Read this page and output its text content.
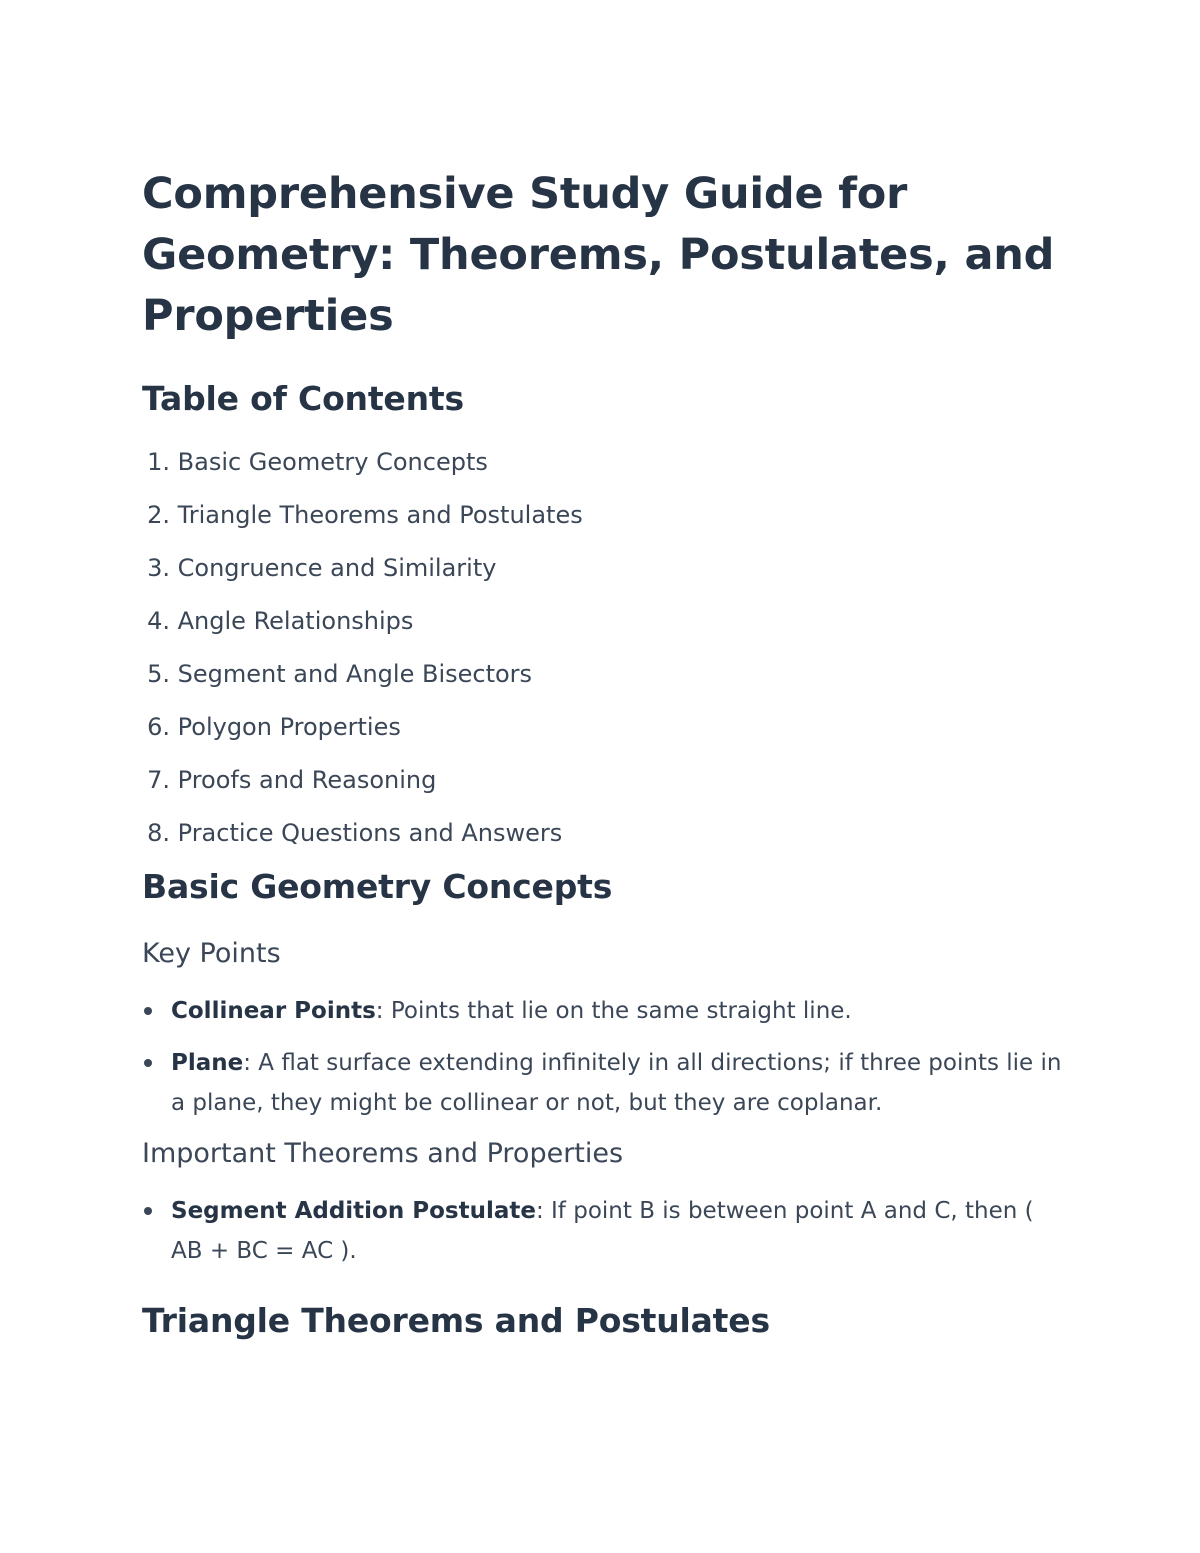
Comprehensive Study Guide for
Geometry: Theorems, Postulates, and
Properties
Table of Contents
1. Basic Geometry Concepts
2. Triangle Theorems and Postulates
3. Congruence and Similarity
4. Angle Relationships
5. Segment and Angle Bisectors
6. Polygon Properties
7. Proofs and Reasoning
8. Practice Questions and Answers
Basic Geometry Concepts
Key Points
Collinear Points: Points that lie on the same straight line.
Plane: A flat surface extending infinitely in all directions; if three points lie in a plane, they might be collinear or not, but they are coplanar.
Important Theorems and Properties
Segment Addition Postulate: If point B is between point A and C, then ( AB + BC = AC ).
Triangle Theorems and Postulates
